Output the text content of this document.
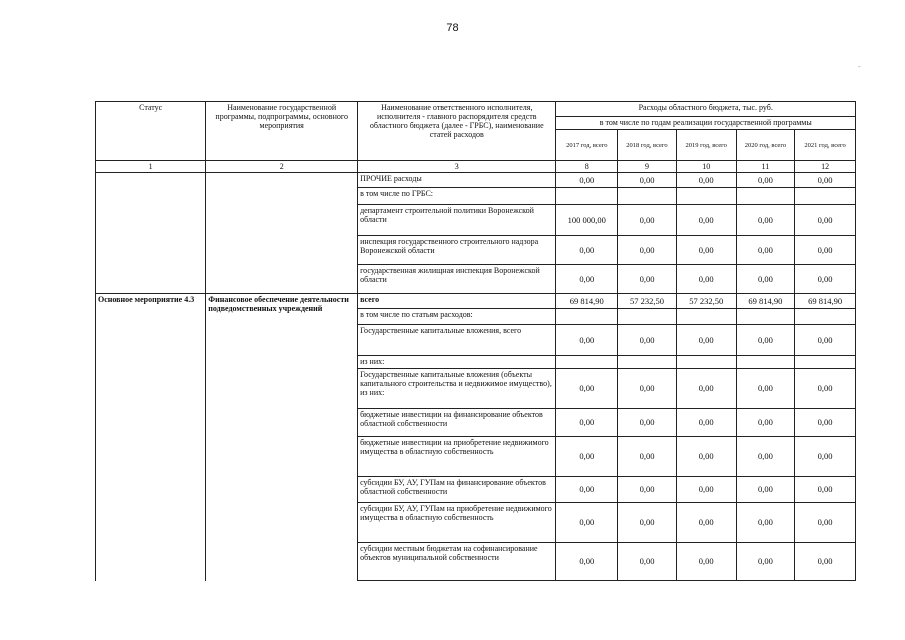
78
-
Статус	Наименование государственной программы, подпрограммы, основного мероприятия	Наименование ответственного исполнителя, исполнителя - главного распорядителя средств областного бюджета (далее - ГРБС), наименование статей расходов	Расходы областного бюджета, тыс. руб.				
			в том числе по годам реализации государственной программы				
			2017 год, всего	2018 год, всего	2019 год, всего	2020 год, всего	2021 год, всего
1	2	3	8	9	10	11	12
		ПРОЧИЕ расходы	0,00	0,00	0,00	0,00	0,00
		в том числе по ГРБС:					
		департамент строительной политики Воронежской области	100 000,00	0,00	0,00	0,00	0,00
		инспекция государственного строительного надзора Воронежской области	0,00	0,00	0,00	0,00	0,00
		государственная жилищная инспекция Воронежской области	0,00	0,00	0,00	0,00	0,00
Основное мероприятие 4.3	Финансовое обеспечение деятельности подведомственных учреждений	всего	69 814,90	57 232,50	57 232,50	69 814,90	69 814,90
		в том числе по статьям расходов:					
		Государственные капитальные вложения, всего	0,00	0,00	0,00	0,00	0,00
		из них:					
		Государственные капитальные вложения (объекты капитального строительства и недвижимое имущество), из них:	0,00	0,00	0,00	0,00	0,00
		бюджетные инвестиции на финансирование объектов областной собственности	0,00	0,00	0,00	0,00	0,00
		бюджетные инвестиции на приобретение недвижимого имущества в областную собственность	0,00	0,00	0,00	0,00	0,00
		субсидии БУ, АУ, ГУПам на финансирование объектов областной собственности	0,00	0,00	0,00	0,00	0,00
		субсидии БУ, АУ, ГУПам на приобретение недвижимого имущества в областную собственность	0,00	0,00	0,00	0,00	0,00
		субсидии местным бюджетам на софинансирование объектов муниципальной собственности	0,00	0,00	0,00	0,00	0,00
